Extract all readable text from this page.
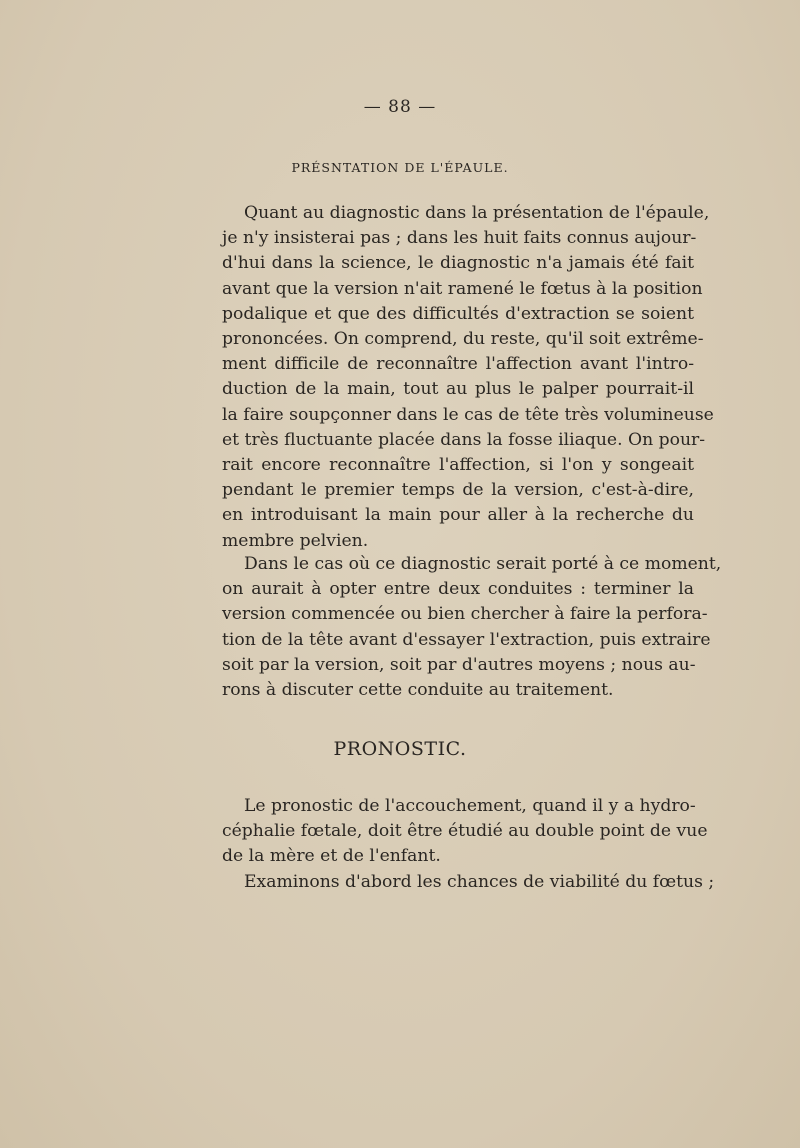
— 88 —
PRÉSNTATION DE L'ÉPAULE.
Quant au diagnostic dans la présentation de l'épaule,
je n'y insisterai pas ; dans les huit faits connus aujour-
d'hui dans la science, le diagnostic n'a jamais été fait
avant que la version n'ait ramené le fœtus à la position
podalique et que des difficultés d'extraction se soient
prononcées. On comprend, du reste, qu'il soit extrême-
ment difficile de reconnaître l'affection avant l'intro-
duction de la main, tout au plus le palper pourrait-il
la faire soupçonner dans le cas de tête très volumineuse
et très fluctuante placée dans la fosse iliaque. On pour-
rait encore reconnaître l'affection, si l'on y songeait
pendant le premier temps de la version, c'est-à-dire,
en introduisant la main pour aller à la recherche du
membre pelvien.
Dans le cas où ce diagnostic serait porté à ce moment,
on aurait à opter entre deux conduites : terminer la
version commencée ou bien chercher à faire la perfora-
tion de la tête avant d'essayer l'extraction, puis extraire
soit par la version, soit par d'autres moyens ; nous au-
rons à discuter cette conduite au traitement.
PRONOSTIC.
Le pronostic de l'accouchement, quand il y a hydro-
céphalie fœtale, doit être étudié au double point de vue
de la mère et de l'enfant.
Examinons d'abord les chances de viabilité du fœtus ;
